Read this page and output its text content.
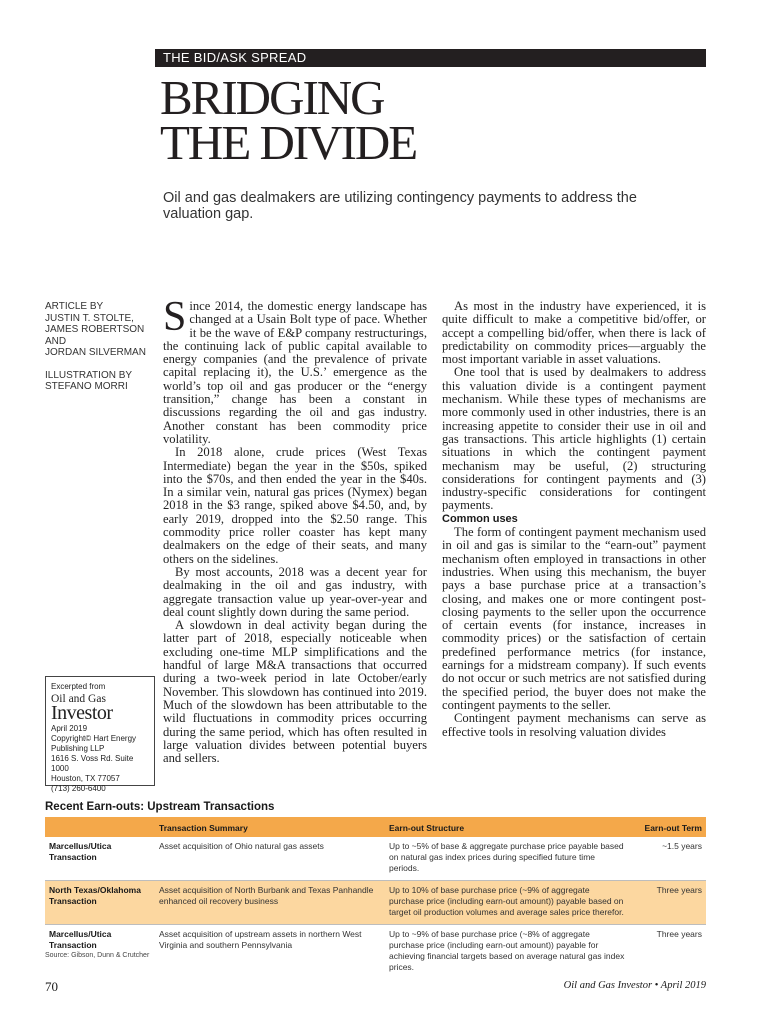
THE BID/ASK SPREAD
BRIDGING
THE DIVIDE

Oil and gas dealmakers are utilizing contingency payments to address the valuation gap.

ARTICLE BY

JUSTIN T. STOLTE,

JAMES ROBERTSON

AND

JORDAN SILVERMAN

ILLUSTRATION BY

STEFANO MORRI

Since 2014, the domestic energy landscape has changed at a Usain Bolt type of pace. Whether it be the wave of E&P company restructurings, the continuing lack of public capital available to energy companies (and the prevalence of private capital replacing it), the U.S.’ emergence as the world’s top oil and gas producer or the “energy transition,” change has been a constant in discussions regarding the oil and gas industry. Another constant has been commodity price volatility.

In 2018 alone, crude prices (West Texas Intermediate) began the year in the $50s, spiked into the $70s, and then ended the year in the $40s. In a similar vein, natural gas prices (Nymex) began 2018 in the $3 range, spiked above $4.50, and, by early 2019, dropped into the $2.50 range. This commodity price roller coaster has kept many dealmakers on the edge of their seats, and many others on the sidelines.

By most accounts, 2018 was a decent year for dealmaking in the oil and gas industry, with aggregate transaction value up year-over-year and deal count slightly down during the same period.

A slowdown in deal activity began during the latter part of 2018, especially noticeable when excluding one-time MLP simplifications and the handful of large M&A transactions that occurred during a two-week period in late October/early November. This slowdown has continued into 2019. Much of the slowdown has been attributable to the wild fluctuations in commodity prices occurring during the same period, which has often resulted in large valuation divides between potential buyers and sellers.

As most in the industry have experienced, it is quite difficult to make a competitive bid/offer, or accept a compelling bid/offer, when there is lack of predictability on commodity prices—arguably the most important variable in asset valuations.

One tool that is used by dealmakers to address this valuation divide is a contingent payment mechanism. While these types of mechanisms are more commonly used in other industries, there is an increasing appetite to consider their use in oil and gas transactions. This article highlights (1) certain situations in which the contingent payment mechanism may be useful, (2) structuring considerations for contingent payments and (3) industry-specific considerations for contingent payments.

Common uses

The form of contingent payment mechanism used in oil and gas is similar to the “earn-out” payment mechanism often employed in transactions in other industries. When using this mechanism, the buyer pays a base purchase price at a transaction’s closing, and makes one or more contingent post-closing payments to the seller upon the occurrence of certain events (for instance, increases in commodity prices) or the satisfaction of certain predefined performance metrics (for instance, earnings for a midstream company). If such events do not occur or such metrics are not satisfied during the specified period, the buyer does not make the contingent payments to the seller.

Contingent payment mechanisms can serve as effective tools in resolving valuation divides

Excerpted from
Oil and Gas
Investor
April 2019
Copyright© Hart Energy
Publishing LLP
1616 S. Voss Rd. Suite 1000
Houston, TX 77057
(713) 260-6400
Recent Earn-outs: Upstream Transactions
	Transaction Summary	Earn-out Structure	Earn-out Term
Marcellus/Utica Transaction	Asset acquisition of Ohio natural gas assets	Up to ~5% of base & aggregate purchase price payable based on natural gas index prices during specified future time periods.	~1.5 years
North Texas/Oklahoma Transaction	Asset acquisition of North Burbank and Texas Panhandle enhanced oil recovery business	Up to 10% of base purchase price (~9% of aggregate purchase price (including earn-out amount)) payable based on target oil production volumes and average sales price therefor.	Three years
Marcellus/Utica Transaction	Asset acquisition of upstream assets in northern West Virginia and southern Pennsylvania	Up to ~9% of base purchase price (~8% of aggregate purchase price (including earn-out amount)) payable for achieving financial targets based on average natural gas index prices.	Three years
Source: Gibson, Dunn & Crutcher
70	Oil and Gas Investor • April 2019
